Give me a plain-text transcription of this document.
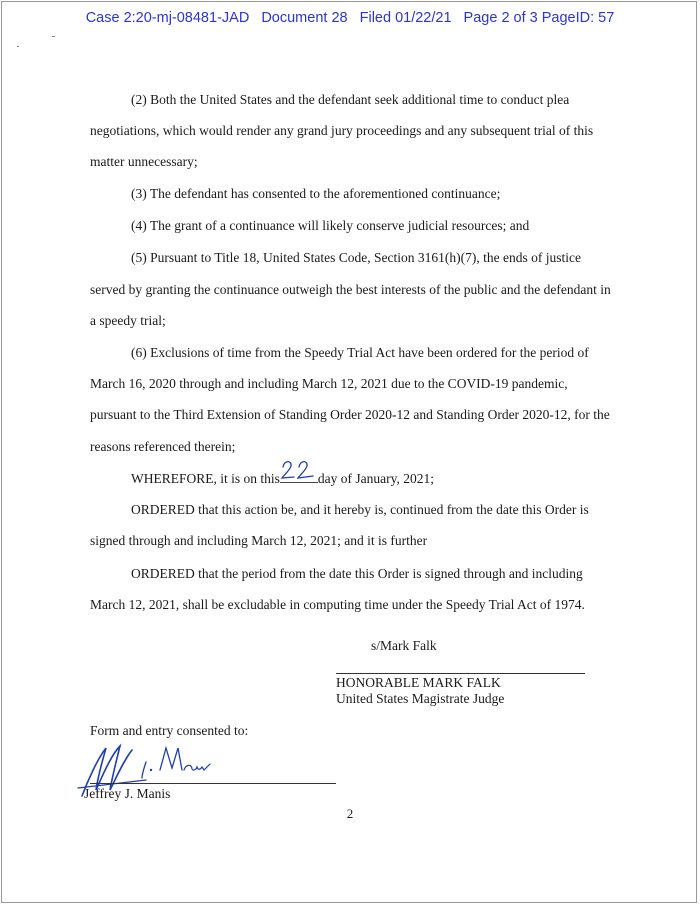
Case 2:20-mj-08481-JAD Document 28 Filed 01/22/21 Page 2 of 3 PageID: 57
(2) Both the United States and the defendant seek additional time to conduct plea
negotiations, which would render any grand jury proceedings and any subsequent trial of this
matter unnecessary;
(3) The defendant has consented to the aforementioned continuance;
(4) The grant of a continuance will likely conserve judicial resources; and
(5) Pursuant to Title 18, United States Code, Section 3161(h)(7), the ends of justice
served by granting the continuance outweigh the best interests of the public and the defendant in
a speedy trial;
(6) Exclusions of time from the Speedy Trial Act have been ordered for the period of
March 16, 2020 through and including March 12, 2021 due to the COVID-19 pandemic,
pursuant to the Third Extension of Standing Order 2020-12 and Standing Order 2020-12, for the
reasons referenced therein;
WHEREFORE, it is on this	day of January, 2021;
ORDERED that this action be, and it hereby is, continued from the date this Order is
signed through and including March 12, 2021; and it is further
ORDERED that the period from the date this Order is signed through and including
March 12, 2021, shall be excludable in computing time under the Speedy Trial Act of 1974.
s/Mark Falk
HONORABLE MARK FALK
United States Magistrate Judge
Form and entry consented to:
Jeffrey J. Manis
2
